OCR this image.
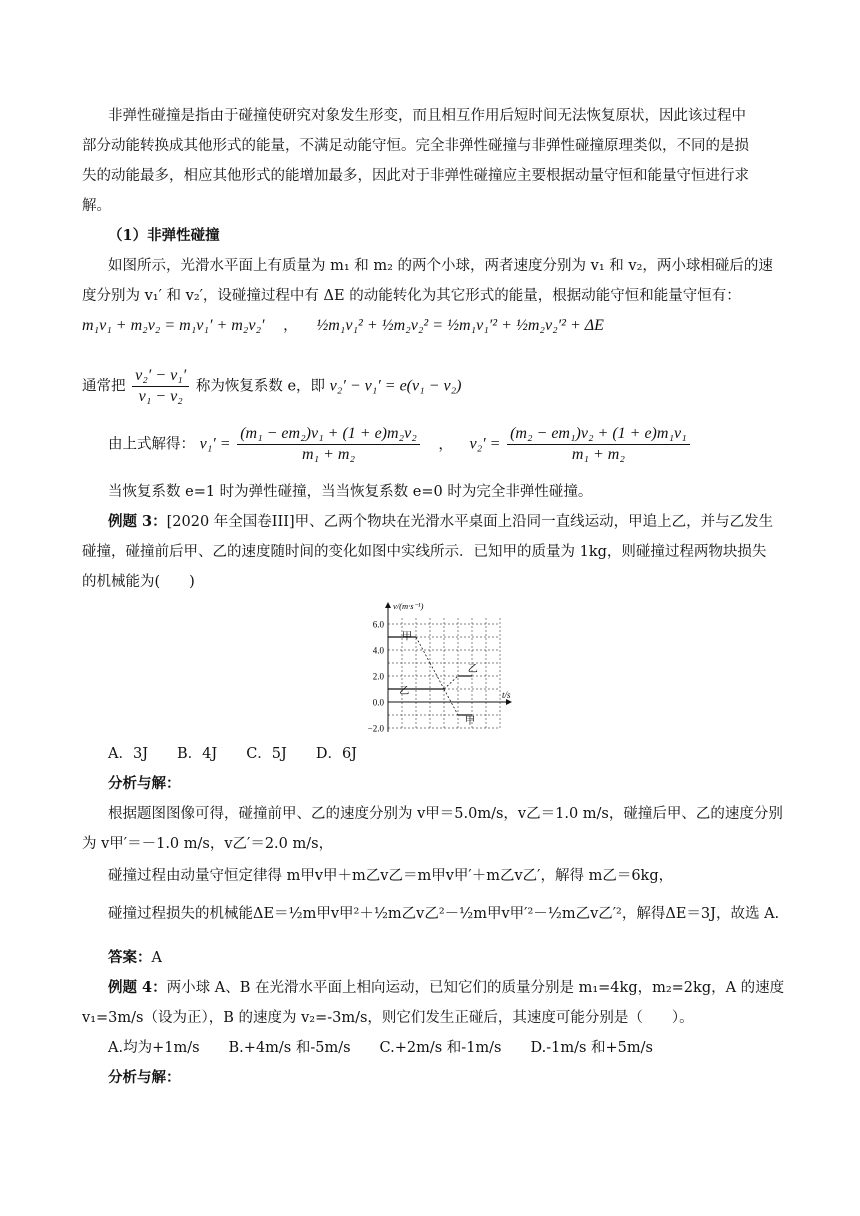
非弹性碰撞是指由于碰撞使研究对象发生形变，而且相互作用后短时间无法恢复原状，因此该过程中
部分动能转换成其他形式的能量，不满足动能守恒。完全非弹性碰撞与非弹性碰撞原理类似，不同的是损
失的动能最多，相应其他形式的能增加最多，因此对于非弹性碰撞应主要根据动量守恒和能量守恒进行求
解。
（1）非弹性碰撞
如图所示，光滑水平面上有质量为 m₁ 和 m₂ 的两个小球，两者速度分别为 v₁ 和 v₂，两小球相碰后的速
度分别为 v₁′ 和 v₂′，设碰撞过程中有 ΔE 的动能转化为其它形式的能量，根据动能守恒和能量守恒有：
m₁v₁ + m₂v₂ = m₁v₁′ + m₂v₂′ ， ½m₁v₁² + ½m₂v₂² = ½m₁v₁′² + ½m₂v₂′² + ΔE
通常把 $\frac{\text{v₂′ − v₁′}}{\text{v₁ − v₂}}$ 称为恢复系数 e，即 v₂′ − v₁′ = e(v₁ − v₂)
由上式解得： $v_1' = \frac{\text{(m₁ − em₂)v₁ + (1 + e)m₂v₂}}{\text{m₁ + m₂}}$ ， $v_2' = \frac{\text{(m₂ − em₁)v₂ + (1 + e)m₁v₁}}{\text{m₁ + m₂}}$
当恢复系数 e=1 时为弹性碰撞，当当恢复系数 e=0 时为完全非弹性碰撞。
例题 3：[2020 年全国卷III]甲、乙两个物块在光滑水平桌面上沿同一直线运动，甲追上乙，并与乙发生
碰撞，碰撞前后甲、乙的速度随时间的变化如图中实线所示．已知甲的质量为 1kg，则碰撞过程两物块损失
的机械能为(　　)
6.0
4.0
2.0
0.0
−2.0
v/(m·s⁻¹)
t/s
甲
乙
乙
甲
A．3J　　B．4J　　C．5J　　D．6J
分析与解：
根据题图图像可得，碰撞前甲、乙的速度分别为 v甲＝5.0m/s，v乙＝1.0 m/s，碰撞后甲、乙的速度分别
为 v甲′＝－1.0 m/s，v乙′＝2.0 m/s，
碰撞过程由动量守恒定律得 m甲v甲＋m乙v乙＝m甲v甲′＋m乙v乙′，解得 m乙＝6kg，
碰撞过程损失的机械能ΔE＝½m甲v甲²＋½m乙v乙²－½m甲v甲′²－½m乙v乙′²，解得ΔE＝3J，故选 A.
答案：A
例题 4：两小球 A、B 在光滑水平面上相向运动，已知它们的质量分别是 m₁=4kg，m₂=2kg，A 的速度
v₁=3m/s（设为正），B 的速度为 v₂=-3m/s，则它们发生正碰后，其速度可能分别是（　　）。
A.均为+1m/s　　B.+4m/s 和-5m/s　　C.+2m/s 和-1m/s　　D.-1m/s 和+5m/s
分析与解：
